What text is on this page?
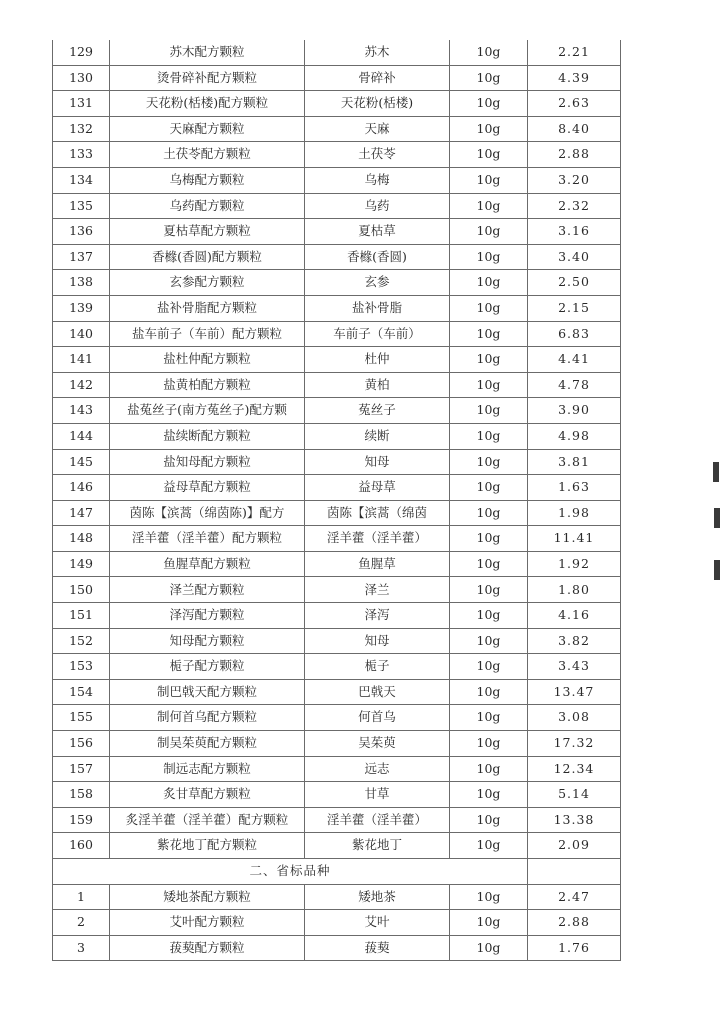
129	苏木配方颗粒	苏木	10g	2.21
130	烫骨碎补配方颗粒	骨碎补	10g	4.39
131	天花粉(栝楼)配方颗粒	天花粉(栝楼)	10g	2.63
132	天麻配方颗粒	天麻	10g	8.40
133	土茯苓配方颗粒	土茯苓	10g	2.88
134	乌梅配方颗粒	乌梅	10g	3.20
135	乌药配方颗粒	乌药	10g	2.32
136	夏枯草配方颗粒	夏枯草	10g	3.16
137	香橼(香圆)配方颗粒	香橼(香圆)	10g	3.40
138	玄参配方颗粒	玄参	10g	2.50
139	盐补骨脂配方颗粒	盐补骨脂	10g	2.15
140	盐车前子（车前）配方颗粒	车前子（车前）	10g	6.83
141	盐杜仲配方颗粒	杜仲	10g	4.41
142	盐黄柏配方颗粒	黄柏	10g	4.78
143	盐菟丝子(南方菟丝子)配方颗	菟丝子	10g	3.90
144	盐续断配方颗粒	续断	10g	4.98
145	盐知母配方颗粒	知母	10g	3.81
146	益母草配方颗粒	益母草	10g	1.63
147	茵陈【滨蒿（绵茵陈)】配方	茵陈【滨蒿（绵茵	10g	1.98
148	淫羊藿（淫羊藿）配方颗粒	淫羊藿（淫羊藿）	10g	11.41
149	鱼腥草配方颗粒	鱼腥草	10g	1.92
150	泽兰配方颗粒	泽兰	10g	1.80
151	泽泻配方颗粒	泽泻	10g	4.16
152	知母配方颗粒	知母	10g	3.82
153	栀子配方颗粒	栀子	10g	3.43
154	制巴戟天配方颗粒	巴戟天	10g	13.47
155	制何首乌配方颗粒	何首乌	10g	3.08
156	制吴茱萸配方颗粒	吴茱萸	10g	17.32
157	制远志配方颗粒	远志	10g	12.34
158	炙甘草配方颗粒	甘草	10g	5.14
159	炙淫羊藿（淫羊藿）配方颗粒	淫羊藿（淫羊藿）	10g	13.38
160	紫花地丁配方颗粒	紫花地丁	10g	2.09
二、省标品种				
1	矮地茶配方颗粒	矮地茶	10g	2.47
2	艾叶配方颗粒	艾叶	10g	2.88
3	菝葜配方颗粒	菝葜	10g	1.76
